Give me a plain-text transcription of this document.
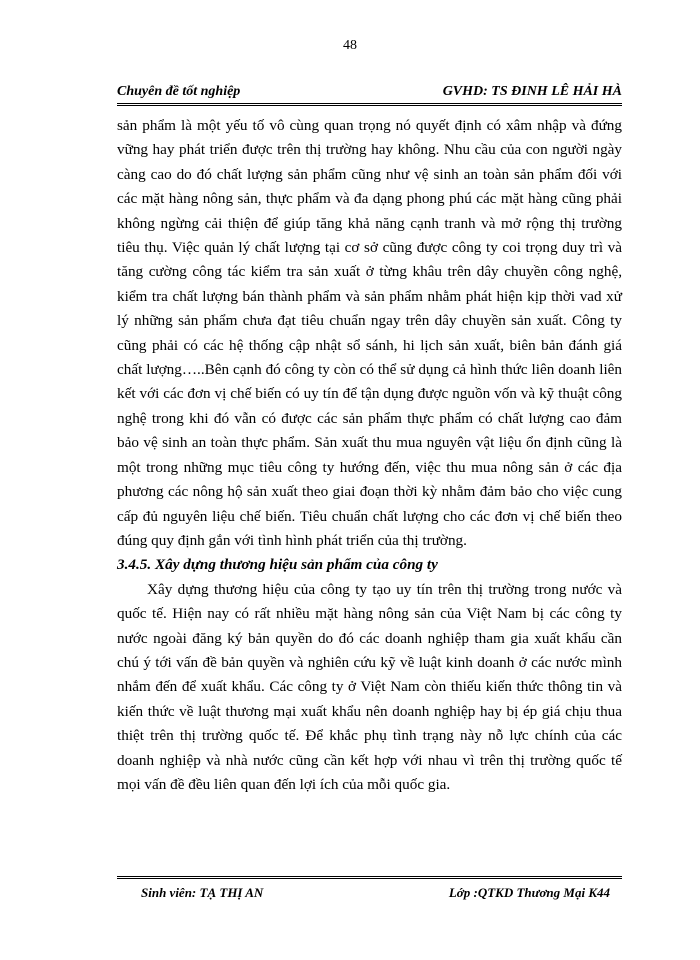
48
Chuyên đề tốt nghiệp	GVHD: TS ĐINH LÊ HẢI HÀ

sản phẩm là một yếu tố vô cùng quan trọng nó quyết định có xâm nhập và đứng vững hay phát triển được trên thị trường hay không. Nhu cầu của con người ngày càng cao do đó chất lượng sản phẩm cũng như vệ sinh an toàn sản phẩm đối với các mặt hàng nông sản, thực phẩm và đa dạng phong phú các mặt hàng cũng phải không ngừng cải thiện để giúp tăng khả năng cạnh tranh và mở rộng thị trường tiêu thụ. Việc quản lý chất lượng tại cơ sở cũng được công ty coi trọng duy trì và tăng cường công tác kiểm tra sản xuất ở từng khâu trên dây chuyền công nghệ, kiểm tra chất lượng bán thành phẩm và sản phẩm nhằm phát hiện kịp thời vad xử lý những sản phẩm chưa đạt tiêu chuẩn ngay trên dây chuyền sản xuất. Công ty cũng phải có các hệ thống cập nhật sổ sánh, hi lịch sản xuất, biên bản đánh giá chất lượng…..Bên cạnh đó công ty còn có thể sử dụng cả hình thức liên doanh liên kết với các đơn vị chế biến có uy tín để tận dụng được nguồn vốn và kỹ thuật công nghệ trong khi đó vẫn có được các sản phẩm thực phẩm có chất lượng cao đảm bảo vệ sinh an toàn thực phẩm. Sản xuất thu mua nguyên vật liệu ổn định cũng là một trong những mục tiêu công ty hướng đến, việc thu mua nông sản ở các địa phương các nông hộ sản xuất theo giai đoạn thời kỳ nhằm đảm bảo cho việc cung cấp đủ nguyên liệu chế biến. Tiêu chuẩn chất lượng cho các đơn vị chế biến theo đúng quy định gắn với tình hình phát triển của thị trường.

3.4.5. Xây dựng thương hiệu sản phẩm của công ty

Xây dựng thương hiệu của công ty tạo uy tín trên thị trường trong nước và quốc tế. Hiện nay có rất nhiều mặt hàng nông sản của Việt Nam bị các công ty nước ngoài đăng ký bản quyền do đó các doanh nghiệp tham gia xuất khẩu cần chú ý tới vấn đề bản quyền và nghiên cứu kỹ về luật kinh doanh ở các nước mình nhắm đến để xuất khẩu. Các công ty ở Việt Nam còn thiếu kiến thức thông tin và kiến thức về luật thương mại xuất khẩu nên doanh nghiệp hay bị ép giá chịu thua thiệt trên thị trường quốc tế. Để khắc phụ tình trạng này nỗ lực chính của các doanh nghiệp và nhà nước cũng cần kết hợp với nhau vì trên thị trường quốc tế mọi vấn đề đều liên quan đến lợi ích của mỗi quốc gia.

Sinh viên: TẠ THỊ AN	Lớp :QTKD Thương Mại K44
